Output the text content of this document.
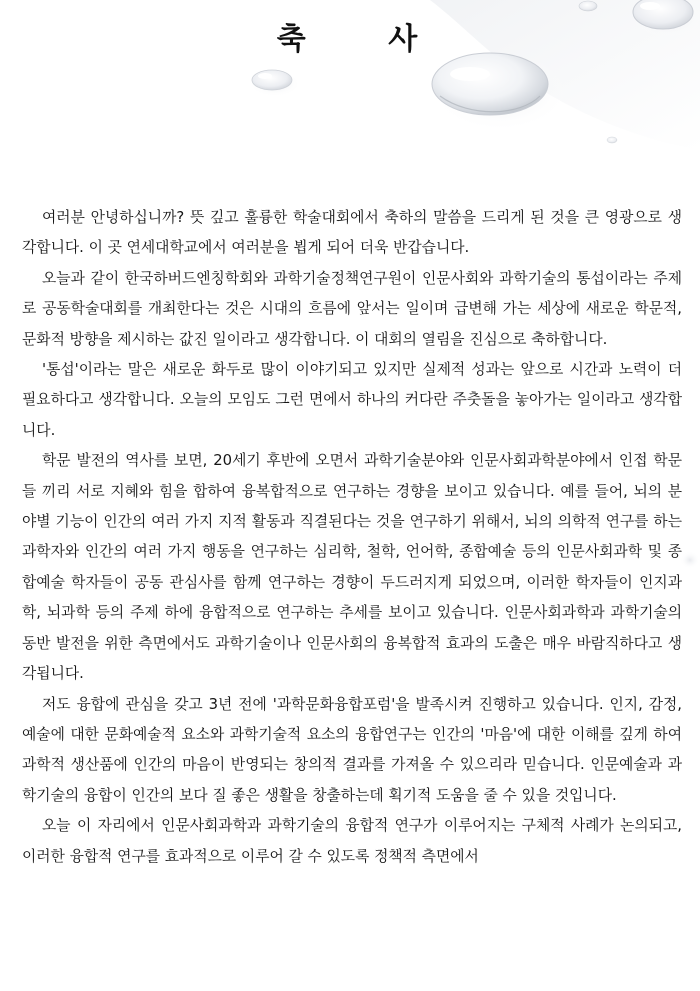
축 사

여러분 안녕하십니까? 뜻 깊고 훌륭한 학술대회에서 축하의 말씀을 드리게 된 것을 큰 영광으로 생각합니다. 이 곳 연세대학교에서 여러분을 뵙게 되어 더욱 반갑습니다.

오늘과 같이 한국하버드엔칭학회와 과학기술정책연구원이 인문사회와 과학기술의 통섭이라는 주제로 공동학술대회를 개최한다는 것은 시대의 흐름에 앞서는 일이며 급변해 가는 세상에 새로운 학문적, 문화적 방향을 제시하는 값진 일이라고 생각합니다. 이 대회의 열림을 진심으로 축하합니다.

'통섭'이라는 말은 새로운 화두로 많이 이야기되고 있지만 실제적 성과는 앞으로 시간과 노력이 더 필요하다고 생각합니다. 오늘의 모임도 그런 면에서 하나의 커다란 주춧돌을 놓아가는 일이라고 생각합니다.

학문 발전의 역사를 보면, 20세기 후반에 오면서 과학기술분야와 인문사회과학분야에서 인접 학문들 끼리 서로 지혜와 힘을 합하여 융복합적으로 연구하는 경향을 보이고 있습니다. 예를 들어, 뇌의 분야별 기능이 인간의 여러 가지 지적 활동과 직결된다는 것을 연구하기 위해서, 뇌의 의학적 연구를 하는 과학자와 인간의 여러 가지 행동을 연구하는 심리학, 철학, 언어학, 종합예술 등의 인문사회과학 및 종합예술 학자들이 공동 관심사를 함께 연구하는 경향이 두드러지게 되었으며, 이러한 학자들이 인지과학, 뇌과학 등의 주제 하에 융합적으로 연구하는 추세를 보이고 있습니다. 인문사회과학과 과학기술의 동반 발전을 위한 측면에서도 과학기술이나 인문사회의 융복합적 효과의 도출은 매우 바람직하다고 생각됩니다.

저도 융합에 관심을 갖고 3년 전에 '과학문화융합포럼'을 발족시켜 진행하고 있습니다. 인지, 감정, 예술에 대한 문화예술적 요소와 과학기술적 요소의 융합연구는 인간의 '마음'에 대한 이해를 깊게 하여 과학적 생산품에 인간의 마음이 반영되는 창의적 결과를 가져올 수 있으리라 믿습니다. 인문예술과 과학기술의 융합이 인간의 보다 질 좋은 생활을 창출하는데 획기적 도움을 줄 수 있을 것입니다.

오늘 이 자리에서 인문사회과학과 과학기술의 융합적 연구가 이루어지는 구체적 사례가 논의되고, 이러한 융합적 연구를 효과적으로 이루어 갈 수 있도록 정책적 측면에서
